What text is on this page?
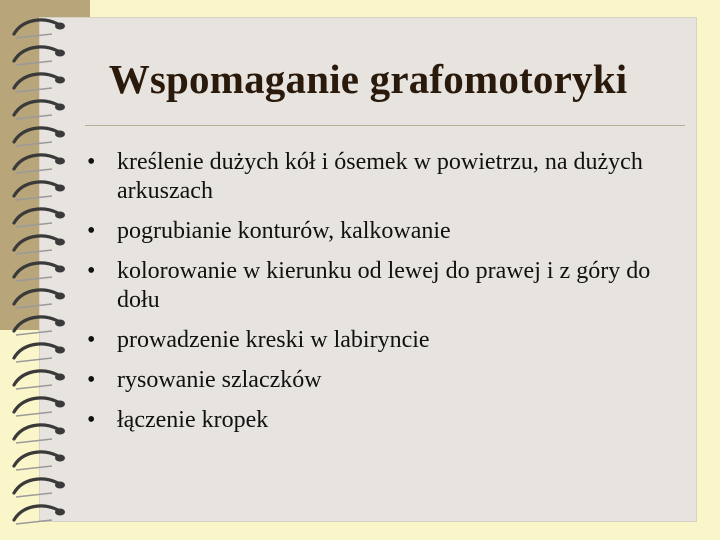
Wspomaganie grafomotoryki
• kreślenie dużych kół i ósemek w powietrzu, na dużych arkuszach
• pogrubianie konturów, kalkowanie
• kolorowanie w kierunku od lewej do prawej i z góry do dołu
• prowadzenie kreski w labiryncie
• rysowanie szlaczków
• łączenie kropek
